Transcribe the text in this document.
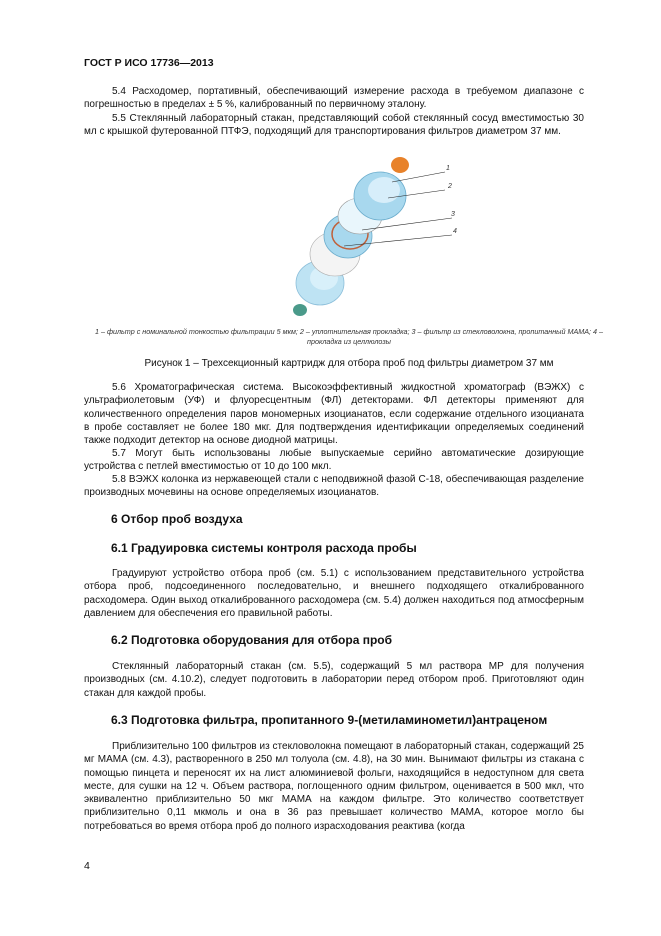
ГОСТ Р ИСО 17736—2013

5.4 Расходомер, портативный, обеспечивающий измерение расхода в требуемом диапазоне с погрешностью в пределах ± 5 %, калиброванный по первичному эталону.

5.5 Стеклянный лабораторный стакан, представляющий собой стеклянный сосуд вместимостью 30 мл с крышкой футерованной ПТФЭ, подходящий для транспортирования фильтров диаметром 37 мм.

1
2
3
4

1 – фильтр с номинальной тонкостью фильтрации 5 мкм; 2 – уплотнительная прокладка; 3 – фильтр из стекловолокна, пропитанный МАМА; 4 – прокладка из целлюлозы

Рисунок 1 – Трехсекционный картридж для отбора проб под фильтры диаметром 37 мм

5.6 Хроматографическая система. Высокоэффективный жидкостной хроматограф (ВЭЖХ) с ультрафиолетовым (УФ) и флуоресцентным (ФЛ) детекторами. ФЛ детекторы применяют для количественного определения паров мономерных изоцианатов, если содержание отдельного изоцианата в пробе составляет не более 180 мкг. Для подтверждения идентификации определяемых соединений также подходит детектор на основе диодной матрицы.

5.7 Могут быть использованы любые выпускаемые серийно автоматические дозирующие устройства с петлей вместимостью от 10 до 100 мкл.

5.8 ВЭЖХ колонка из нержавеющей стали с неподвижной фазой С-18, обеспечивающая разделение производных мочевины на основе определяемых изоцианатов.

6 Отбор проб воздуха
6.1 Градуировка системы контроля расхода пробы

Градуируют устройство отбора проб (см. 5.1) с использованием представительного устройства отбора проб, подсоединенного последовательно, и внешнего подходящего откалиброванного расходомера. Один выход откалиброванного расходомера (см. 5.4) должен находиться под атмосферным давлением для обеспечения его правильной работы.

6.2 Подготовка оборудования для отбора проб

Стеклянный лабораторный стакан (см. 5.5), содержащий 5 мл раствора МР для получения производных (см. 4.10.2), следует подготовить в лаборатории перед отбором проб. Приготовляют один стакан для каждой пробы.

6.3 Подготовка фильтра, пропитанного 9-(метиламинометил)антраценом

Приблизительно 100 фильтров из стекловолокна помещают в лабораторный стакан, содержащий 25 мг МАМА (см. 4.3), растворенного в 250 мл толуола (см. 4.8), на 30 мин. Вынимают фильтры из стакана с помощью пинцета и переносят их на лист алюминиевой фольги, находящийся в недоступном для света месте, для сушки на 12 ч. Объем раствора, поглощенного одним фильтром, оценивается в 500 мкл, что эквивалентно приблизительно 50 мкг МАМА на каждом фильтре. Это количество соответствует приблизительно 0,11 мкмоль и она в 36 раз превышает количество МАМА, которое могло бы потребоваться во время отбора проб до полного израсходования реактива (когда

4
